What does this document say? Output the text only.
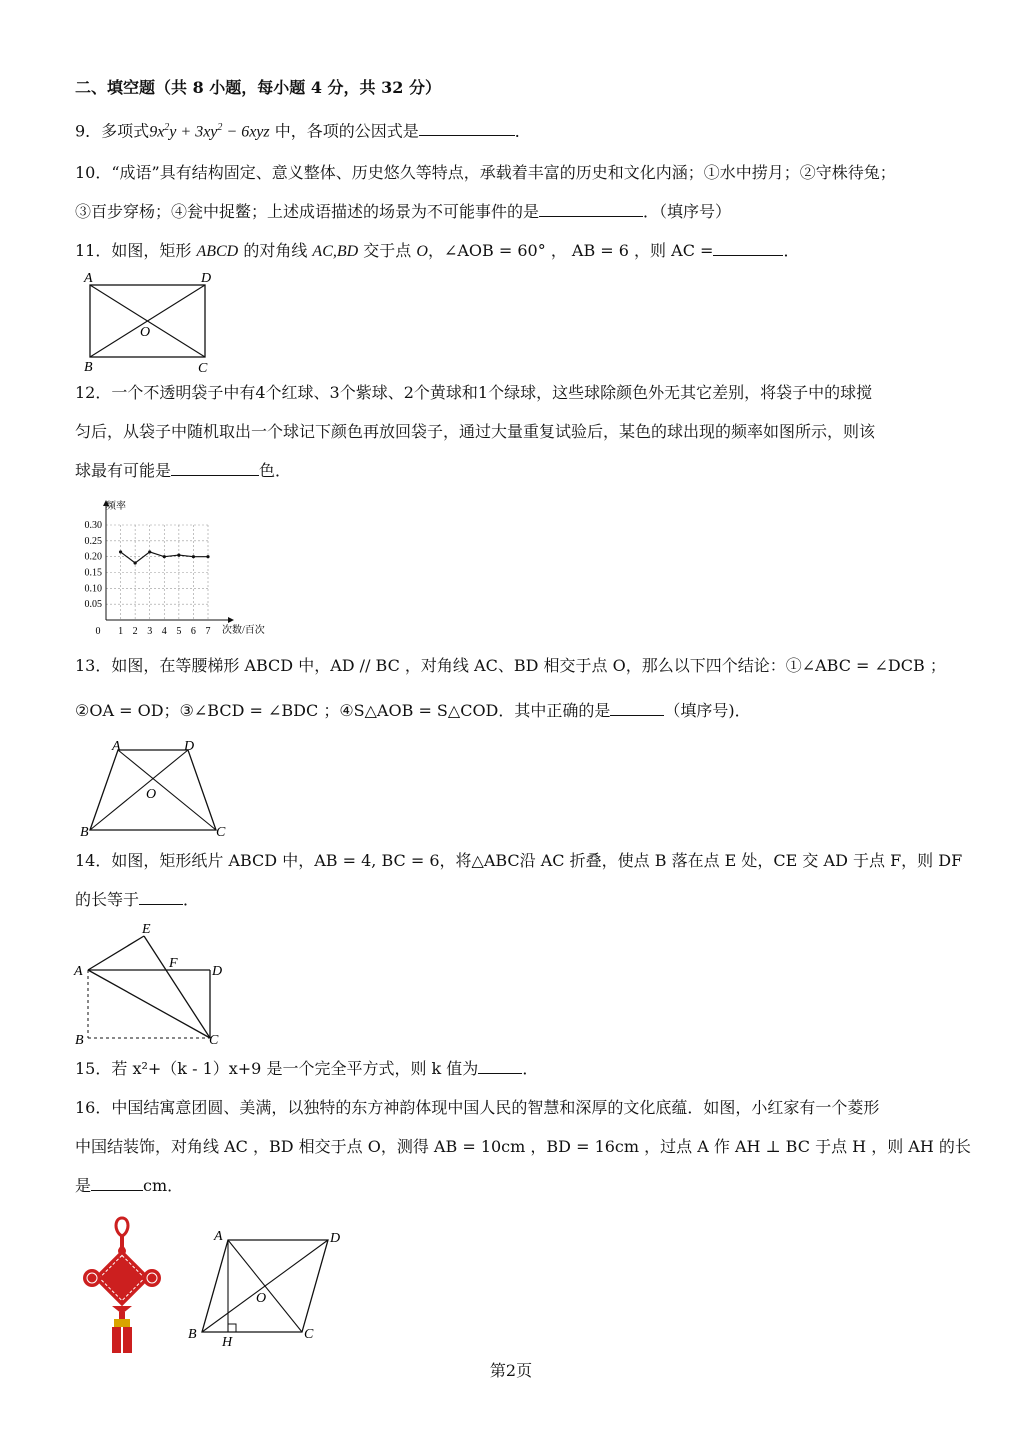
二、填空题（共 8 小题，每小题 4 分，共 32 分）
9．多项式$9x^2y + 3xy^2 - 6xyz$ 中，各项的公因式是	．
10．“成语”具有结构固定、意义整体、历史悠久等特点，承载着丰富的历史和文化内涵；①水中捞月；②守株待兔；
③百步穿杨；④瓮中捉鳖；上述成语描述的场景为不可能事件的是	．（填序号）
11．如图，矩形 ABCD 的对角线 AC,BD 交于点 O，∠AOB = 60° ， AB = 6 ，则 AC =	．
A	D
O
B	C
12．一个不透明袋子中有4个红球、3个紫球、2个黄球和1个绿球，这些球除颜色外无其它差别，将袋子中的球搅
匀后，从袋子中随机取出一个球记下颜色再放回袋子，通过大量重复试验后，某色的球出现的频率如图所示，则该
球最有可能是	色．
0.05
0.10
0.15
0.20
0.25
0.30
0 1 2 3 4 5 6 7
频率
次数/百次
13．如图，在等腰梯形 ABCD 中，AD // BC ，对角线 AC、BD 相交于点 O，那么以下四个结论：①∠ABC = ∠DCB ；
②OA = OD；③∠BCD = ∠BDC ；④S△AOB = S△COD．其中正确的是	（填序号)．
A	D
O
B	C
14．如图，矩形纸片 ABCD 中，AB = 4, BC = 6，将△ABC沿 AC 折叠，使点 B 落在点 E 处，CE 交 AD 于点 F，则 DF
的长等于	．
E
A
F
D
B	C
15．若 x²+（k - 1）x+9 是一个完全平方式，则 k 值为	．
16．中国结寓意团圆、美满，以独特的东方神韵体现中国人民的智慧和深厚的文化底蕴．如图，小红家有一个菱形
中国结装饰，对角线 AC ，BD 相交于点 O，测得 AB = 10cm ，BD = 16cm ，过点 A 作 AH ⊥ BC 于点 H ，则 AH 的长
是	cm．
A	D
O
B
H
C
第2页
